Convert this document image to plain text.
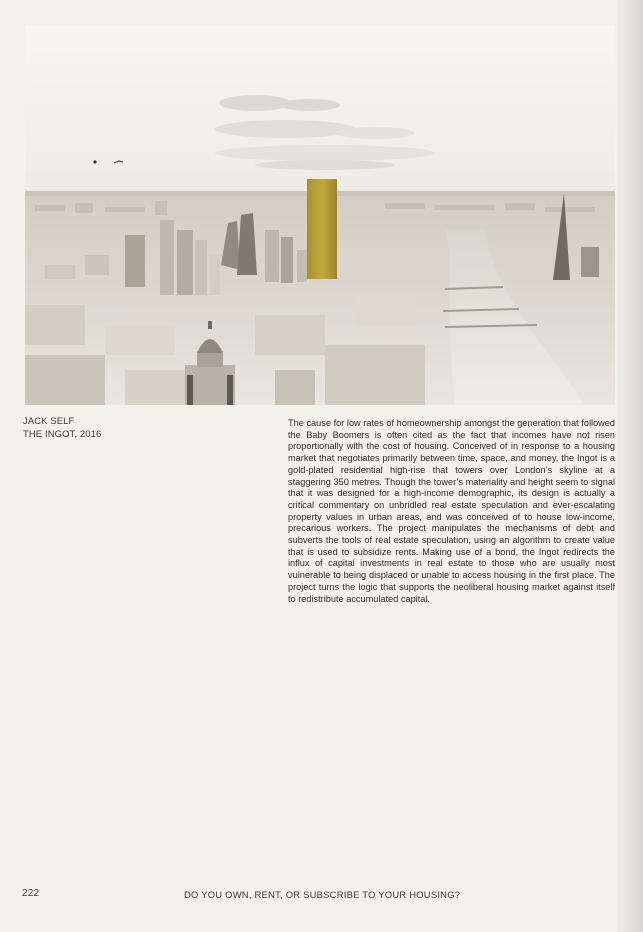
JACK SELF
THE INGOT, 2016

The cause for low rates of homeownership amongst the generation that followed the Baby Boomers is often cited as the fact that incomes have not risen proportionally with the cost of housing. Conceived of in response to a housing market that negotiates primarily between time, space, and money, the Ingot is a gold-plated residential high-rise that towers over London’s skyline at a staggering 350 metres. Though the tower’s materiality and height seem to signal that it was designed for a high-income demographic, its design is actually a critical commentary on unbridled real estate speculation and ever-escalating property values in urban areas, and was conceived of to house low-income, precarious workers. The project manipulates the mechanisms of debt and subverts the tools of real estate speculation, using an algorithm to create value that is used to subsidize rents. Making use of a bond, the Ingot redirects the influx of capital investments in real estate to those who are usually most vulnerable to being displaced or unable to access housing in the first place. The project turns the logic that supports the neoliberal housing market against itself to redistribute accumulated capital.

222	DO YOU OWN, RENT, OR SUBSCRIBE TO YOUR HOUSING?
